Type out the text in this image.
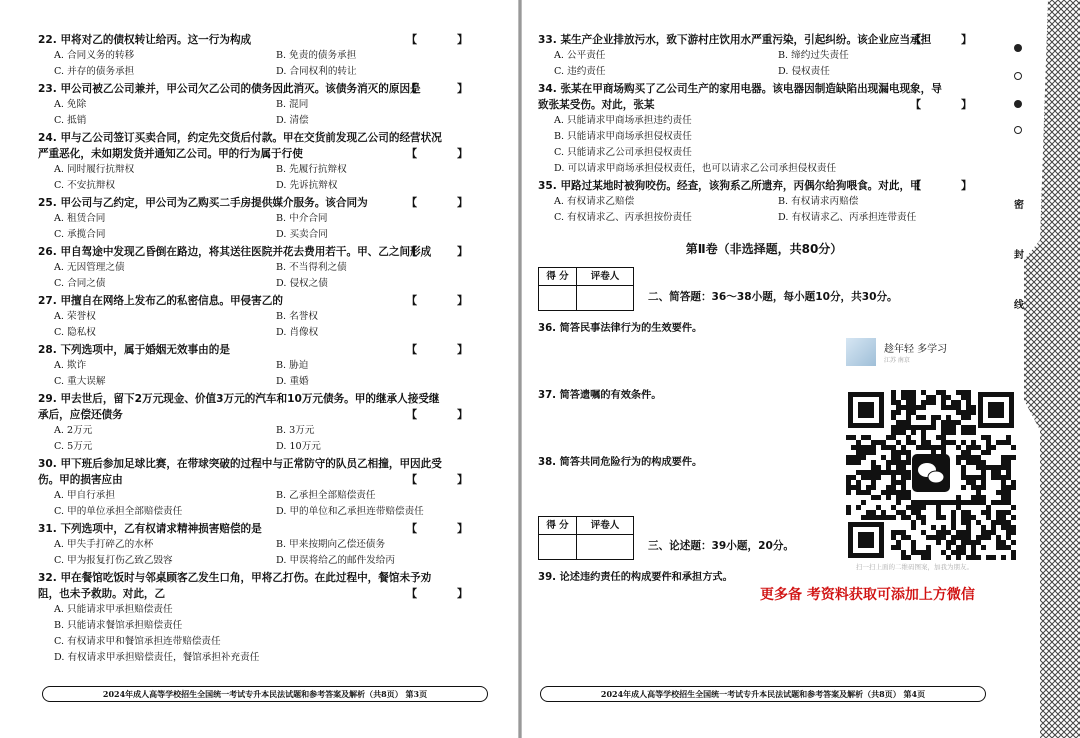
22. 甲将对乙的债权转让给丙。这一行为构成	【 】
A. 合同义务的转移	B. 免责的债务承担
C. 并存的债务承担	D. 合同权利的转让
23. 甲公司被乙公司兼并，甲公司欠乙公司的债务因此消灭。该债务消灭的原因是
【 】
A. 免除	B. 混同
C. 抵销	D. 清偿
24. 甲与乙公司签订买卖合同，约定先交货后付款。甲在交货前发现乙公司的经营状况严重恶化，未如期发货并通知乙公司。甲的行为属于行使	【 】
A. 同时履行抗辩权	B. 先履行抗辩权
C. 不安抗辩权	D. 先诉抗辩权
25. 甲公司与乙约定，甲公司为乙购买二手房提供媒介服务。该合同为	【 】
A. 租赁合同	B. 中介合同
C. 承揽合同	D. 买卖合同
26. 甲自驾途中发现乙昏倒在路边，将其送往医院并花去费用若干。甲、乙之间形成
【 】
A. 无因管理之债	B. 不当得利之债
C. 合同之债	D. 侵权之债
27. 甲擅自在网络上发布乙的私密信息。甲侵害乙的	【 】
A. 荣誉权	B. 名誉权
C. 隐私权	D. 肖像权
28. 下列选项中，属于婚姻无效事由的是	【 】
A. 欺诈	B. 胁迫
C. 重大误解	D. 重婚
29. 甲去世后，留下2万元现金、价值3万元的汽车和10万元债务。甲的继承人接受继承后，应偿还债务	【 】
A. 2万元	B. 3万元
C. 5万元	D. 10万元
30. 甲下班后参加足球比赛，在带球突破的过程中与正常防守的队员乙相撞，甲因此受伤。甲的损害应由	【 】
A. 甲自行承担	B. 乙承担全部赔偿责任
C. 甲的单位承担全部赔偿责任	D. 甲的单位和乙承担连带赔偿责任
31. 下列选项中，乙有权请求精神损害赔偿的是	【 】
A. 甲失手打碎乙的水杯	B. 甲来按期向乙偿还债务
C. 甲为报复打伤乙致乙毁容	D. 甲误将给乙的邮件发给丙
32. 甲在餐馆吃饭时与邻桌顾客乙发生口角，甲将乙打伤。在此过程中，餐馆未予劝阻，也未予救助。对此，乙	【 】
A. 只能请求甲承担赔偿责任
B. 只能请求餐馆承担赔偿责任
C. 有权请求甲和餐馆承担连带赔偿责任
D. 有权请求甲承担赔偿责任，餐馆承担补充责任
2024年成人高等学校招生全国统一考试专升本民法试题和参考答案及解析（共8页） 第3页
33. 某生产企业排放污水，致下游村庄饮用水严重污染，引起纠纷。该企业应当承担
【 】
A. 公平责任	B. 缔约过失责任
C. 违约责任	D. 侵权责任
34. 张某在甲商场购买了乙公司生产的家用电器。该电器因制造缺陷出现漏电现象，导致张某受伤。对此，张某	【 】
A. 只能请求甲商场承担违约责任
B. 只能请求甲商场承担侵权责任
C. 只能请求乙公司承担侵权责任
D. 可以请求甲商场承担侵权责任，也可以请求乙公司承担侵权责任
35. 甲路过某地时被狗咬伤。经查，该狗系乙所遗弃，丙偶尔给狗喂食。对此，甲
【 】
A. 有权请求乙赔偿	B. 有权请求丙赔偿
C. 有权请求乙、丙承担按份责任	D. 有权请求乙、丙承担连带责任
第Ⅱ卷（非选择题，共80分）
得 分	评卷人
二、简答题：36～38小题，每小题10分，共30分。
36. 简答民事法律行为的生效要件。
37. 简答遗嘱的有效条件。
38. 简答共同危险行为的构成要件。
得 分	评卷人
三、论述题：39小题，20分。
39. 论述违约责任的构成要件和承担方式。
2024年成人高等学校招生全国统一考试专升本民法试题和参考答案及解析（共8页） 第4页
趁年轻 多学习
江苏 南京
扫一扫上面的二维码图案，加我为朋友。
更多备 考资料获取可添加上方微信
密
封
线
